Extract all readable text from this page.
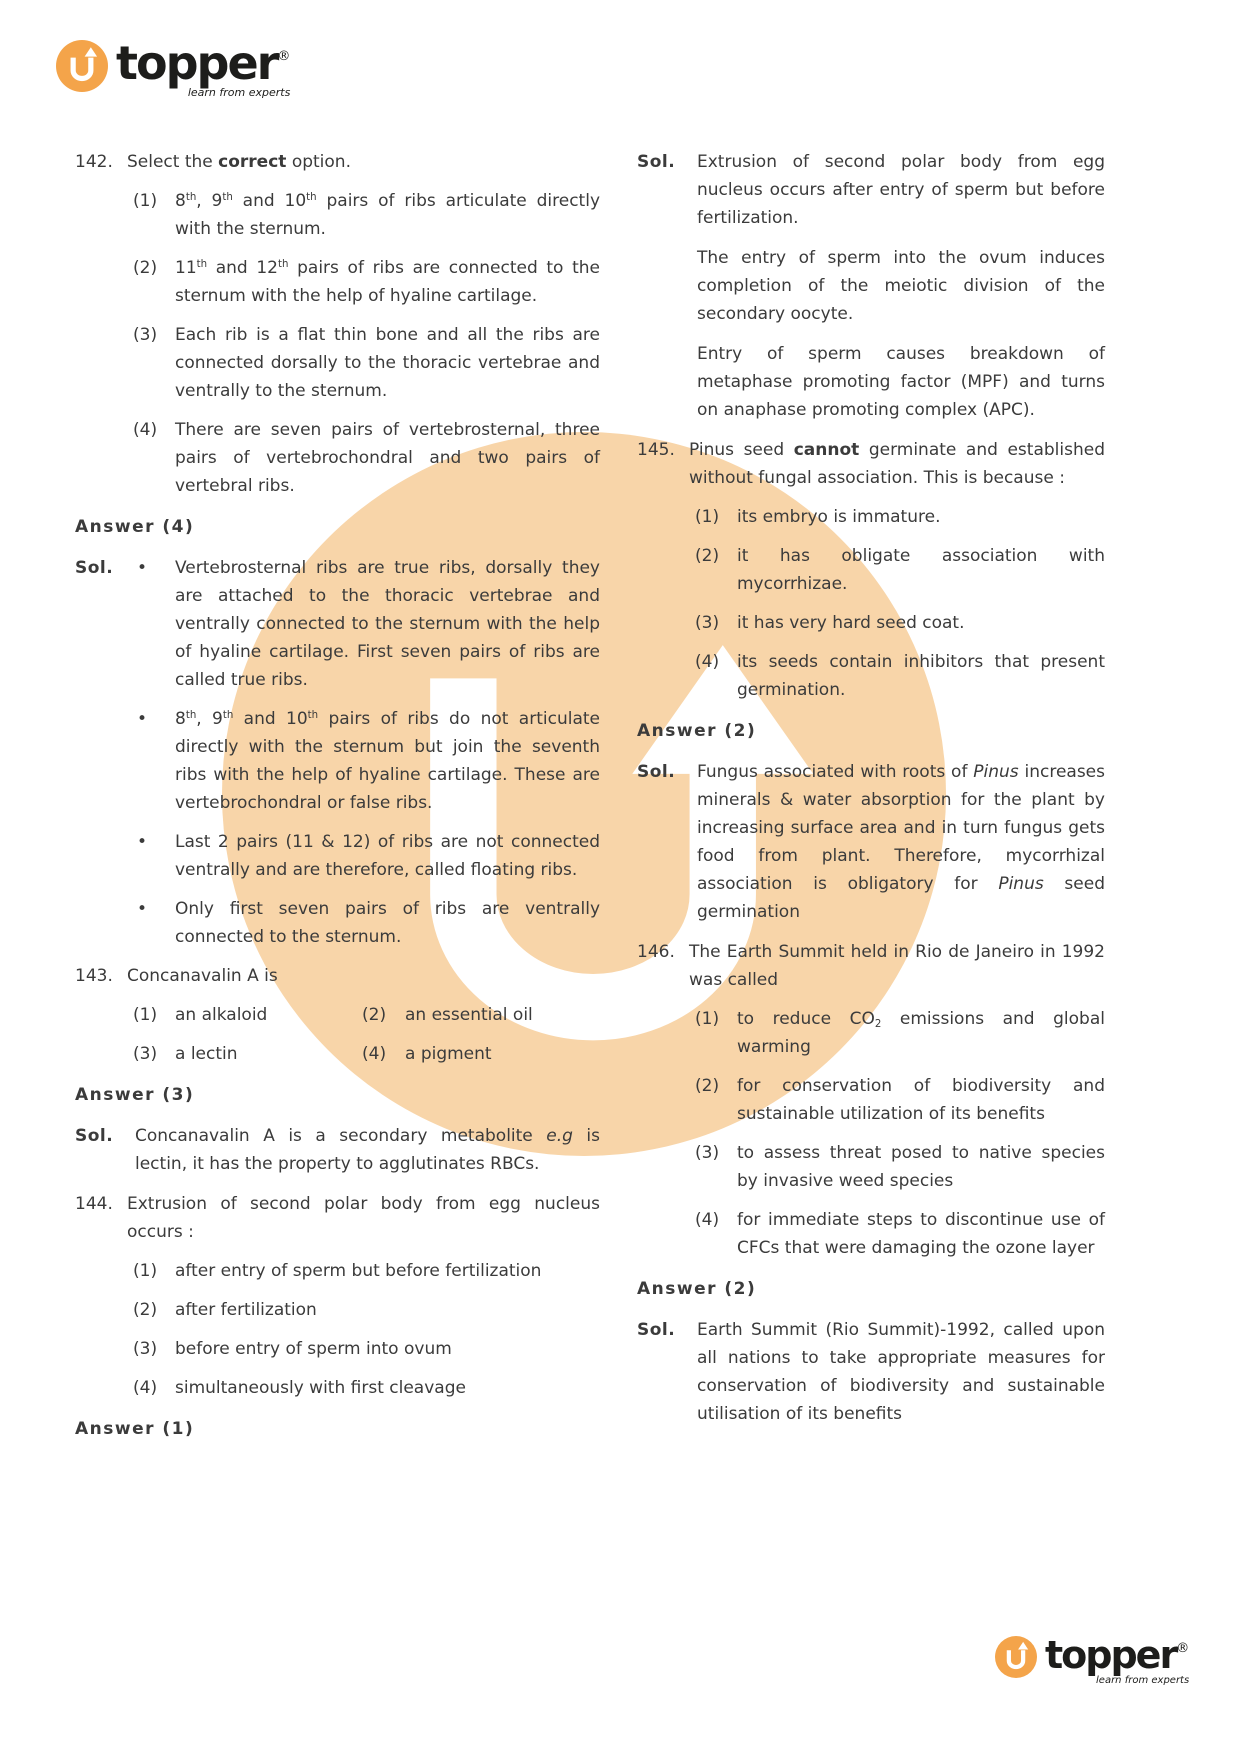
topper®
learn from experts
142. Select the correct option.
(1) 8th, 9th and 10th pairs of ribs articulate directly with the sternum.
(2) 11th and 12th pairs of ribs are connected to the sternum with the help of hyaline cartilage.
(3) Each rib is a flat thin bone and all the ribs are connected dorsally to the thoracic vertebrae and ventrally to the sternum.
(4) There are seven pairs of vertebrosternal, three pairs of vertebrochondral and two pairs of vertebral ribs.
Answer (4)
Sol. • Vertebrosternal ribs are true ribs, dorsally they are attached to the thoracic vertebrae and ventrally connected to the sternum with the help of hyaline cartilage. First seven pairs of ribs are called true ribs.
• 8th, 9th and 10th pairs of ribs do not articulate directly with the sternum but join the seventh ribs with the help of hyaline cartilage. These are vertebrochondral or false ribs.
• Last 2 pairs (11 & 12) of ribs are not connected ventrally and are therefore, called floating ribs.
• Only first seven pairs of ribs are ventrally connected to the sternum.
143. Concanavalin A is
(1) an alkaloid	(2) an essential oil
(3) a lectin	(4) a pigment
Answer (3)
Sol. Concanavalin A is a secondary metabolite e.g is lectin, it has the property to agglutinates RBCs.

144. Extrusion of second polar body from egg nucleus occurs :
(1) after entry of sperm but before fertilization
(2) after fertilization
(3) before entry of sperm into ovum
(4) simultaneously with first cleavage
Answer (1)
Sol. Extrusion of second polar body from egg nucleus occurs after entry of sperm but before fertilization.

The entry of sperm into the ovum induces completion of the meiotic division of the secondary oocyte.

Entry of sperm causes breakdown of metaphase promoting factor (MPF) and turns on anaphase promoting complex (APC).

145. Pinus seed cannot germinate and established without fungal association. This is because :
(1) its embryo is immature.
(2) it has obligate association with mycorrhizae.
(3) it has very hard seed coat.
(4) its seeds contain inhibitors that present germination.
Answer (2)
Sol. Fungus associated with roots of Pinus increases minerals & water absorption for the plant by increasing surface area and in turn fungus gets food from plant. Therefore, mycorrhizal association is obligatory for Pinus seed germination

146. The Earth Summit held in Rio de Janeiro in 1992 was called
(1) to reduce $CO_2$ emissions and global warming
(2) for conservation of biodiversity and sustainable utilization of its benefits
(3) to assess threat posed to native species by invasive weed species
(4) for immediate steps to discontinue use of CFCs that were damaging the ozone layer
Answer (2)
Sol. Earth Summit (Rio Summit)-1992, called upon all nations to take appropriate measures for conservation of biodiversity and sustainable utilisation of its benefits

topper®
learn from experts
